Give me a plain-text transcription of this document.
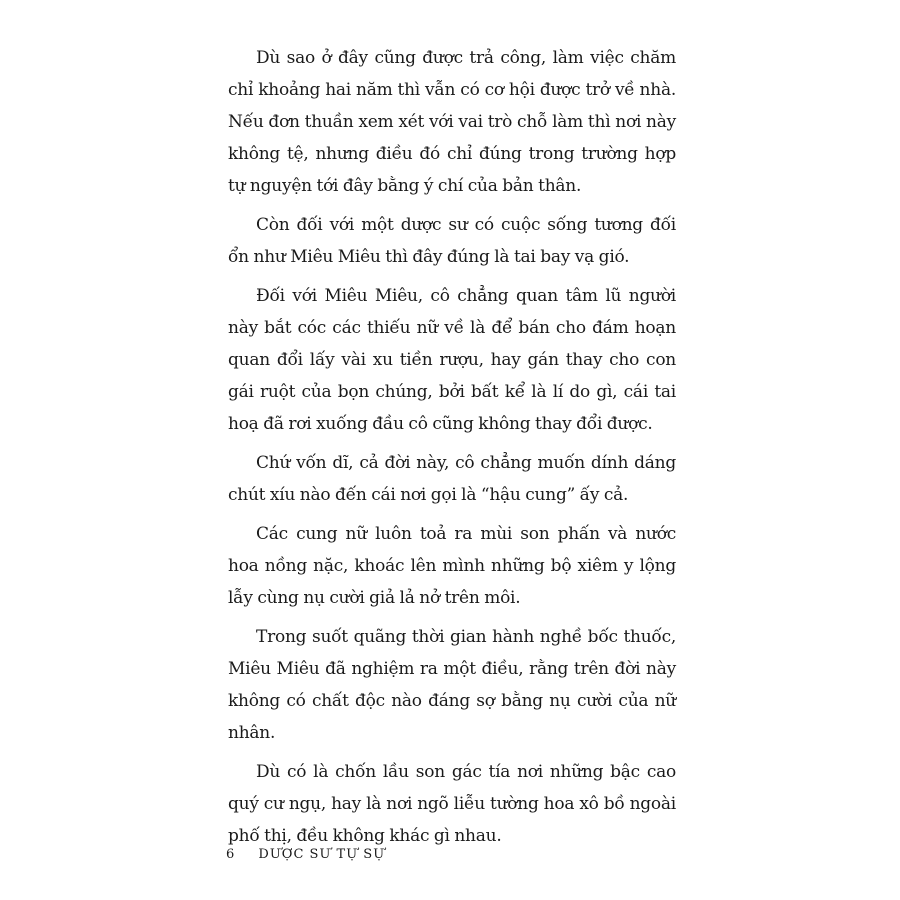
Dù sao ở đây cũng được trả công, làm việc chăm chỉ khoảng hai năm thì vẫn có cơ hội được trở về nhà. Nếu đơn thuần xem xét với vai trò chỗ làm thì nơi này không tệ, nhưng điều đó chỉ đúng trong trường hợp tự nguyện tới đây bằng ý chí của bản thân.

Còn đối với một dược sư có cuộc sống tương đối ổn như Miêu Miêu thì đây đúng là tai bay vạ gió.

Đối với Miêu Miêu, cô chẳng quan tâm lũ người này bắt cóc các thiếu nữ về là để bán cho đám hoạn quan đổi lấy vài xu tiền rượu, hay gán thay cho con gái ruột của bọn chúng, bởi bất kể là lí do gì, cái tai hoạ đã rơi xuống đầu cô cũng không thay đổi được.

Chứ vốn dĩ, cả đời này, cô chẳng muốn dính dáng chút xíu nào đến cái nơi gọi là “hậu cung” ấy cả.

Các cung nữ luôn toả ra mùi son phấn và nước hoa nồng nặc, khoác lên mình những bộ xiêm y lộng lẫy cùng nụ cười giả lả nở trên môi.

Trong suốt quãng thời gian hành nghề bốc thuốc, Miêu Miêu đã nghiệm ra một điều, rằng trên đời này không có chất độc nào đáng sợ bằng nụ cười của nữ nhân.

Dù có là chốn lầu son gác tía nơi những bậc cao quý cư ngụ, hay là nơi ngõ liễu tường hoa xô bồ ngoài phố thị, đều không khác gì nhau.

6 DƯỢC SƯ TỰ SỰ
